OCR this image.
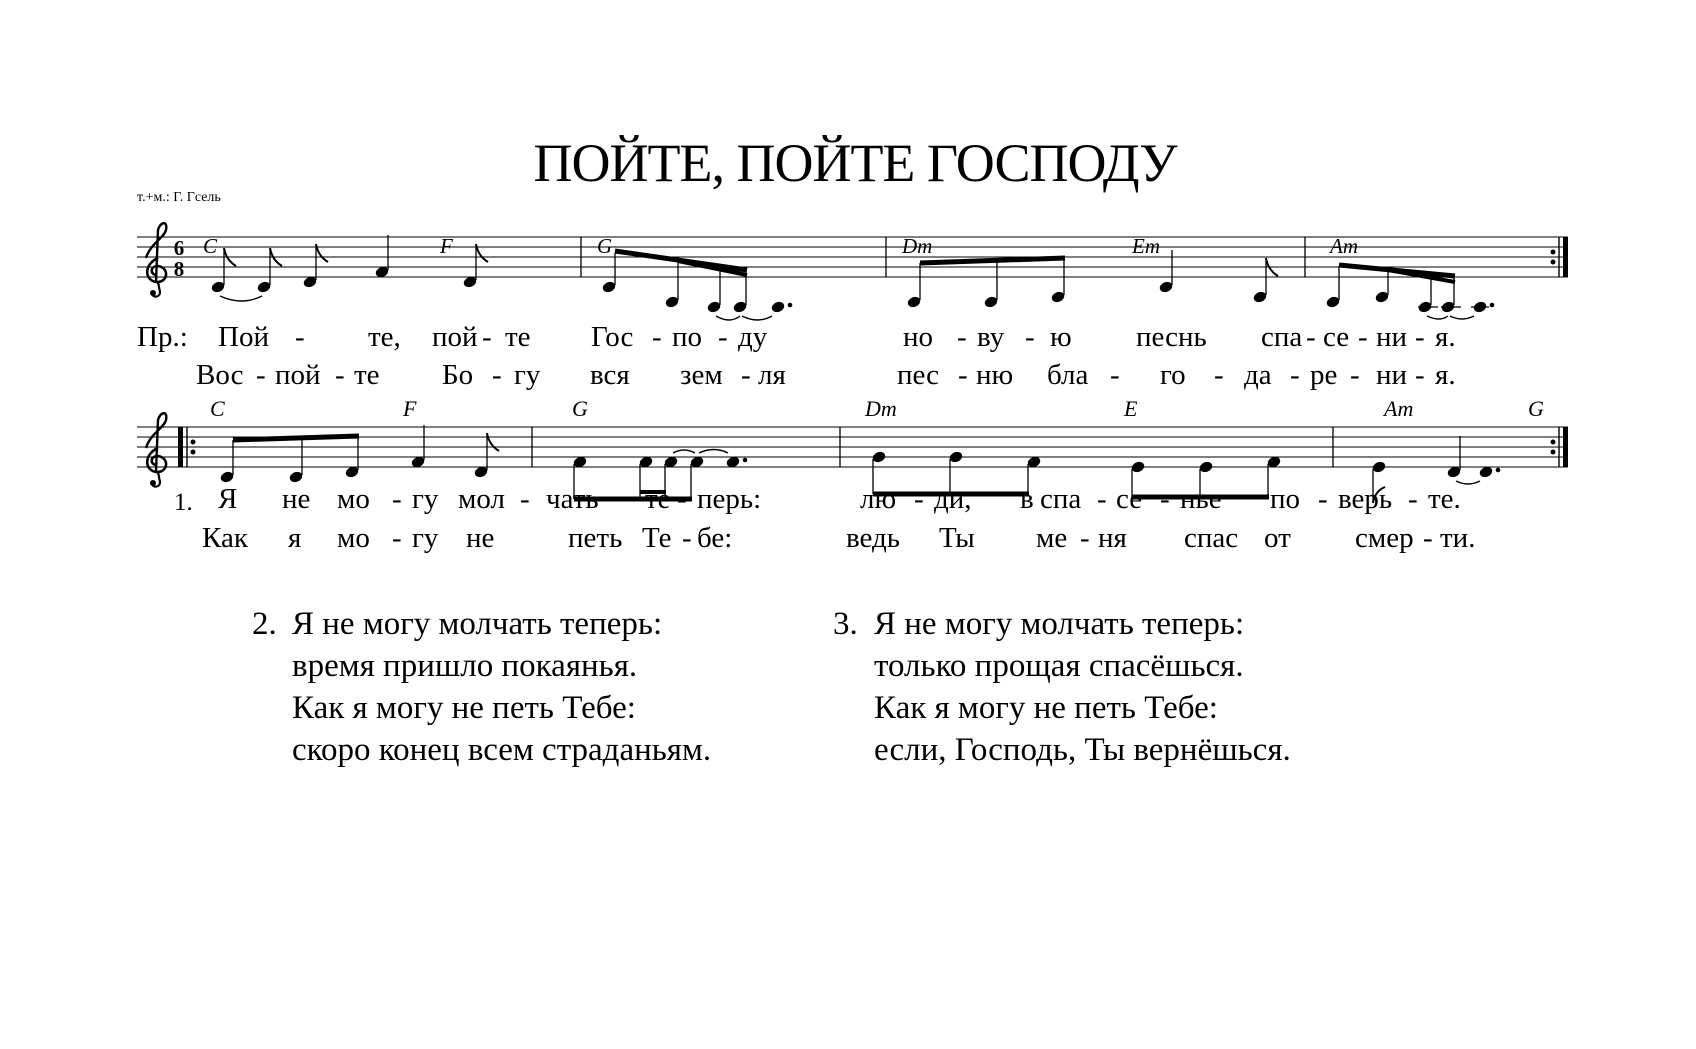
ПОЙТЕ, ПОЙТЕ ГОСПОДУ
т.+м.: Г. Гсель
6
8
C	F	G	Dm	Em	Am
C	F	G	Dm	E	Am	G
Пр.: Пой - те, пой - те Гос - по - ду	но - ву - ю песнь спа - се - ни - я.
Вос - пой - те Бо - гу вся зем - ля	пес - ню бла - го - да - ре - ни - я.
1. Я не мо - гу мол - чать те - перь:	лю - ди, в спа - се - нье по - верь - те.
Как я мо - гу не	петь Те - бе:	ведь Ты ме - ня спас от смер - ти.
2. Я не могу молчать теперь:
время пришло покаянья.
Как я могу не петь Тебе:
скоро конец всем страданьям.
3. Я не могу молчать теперь:
только прощая спасёшься.
Как я могу не петь Тебе:
если, Господь, Ты вернёшься.
